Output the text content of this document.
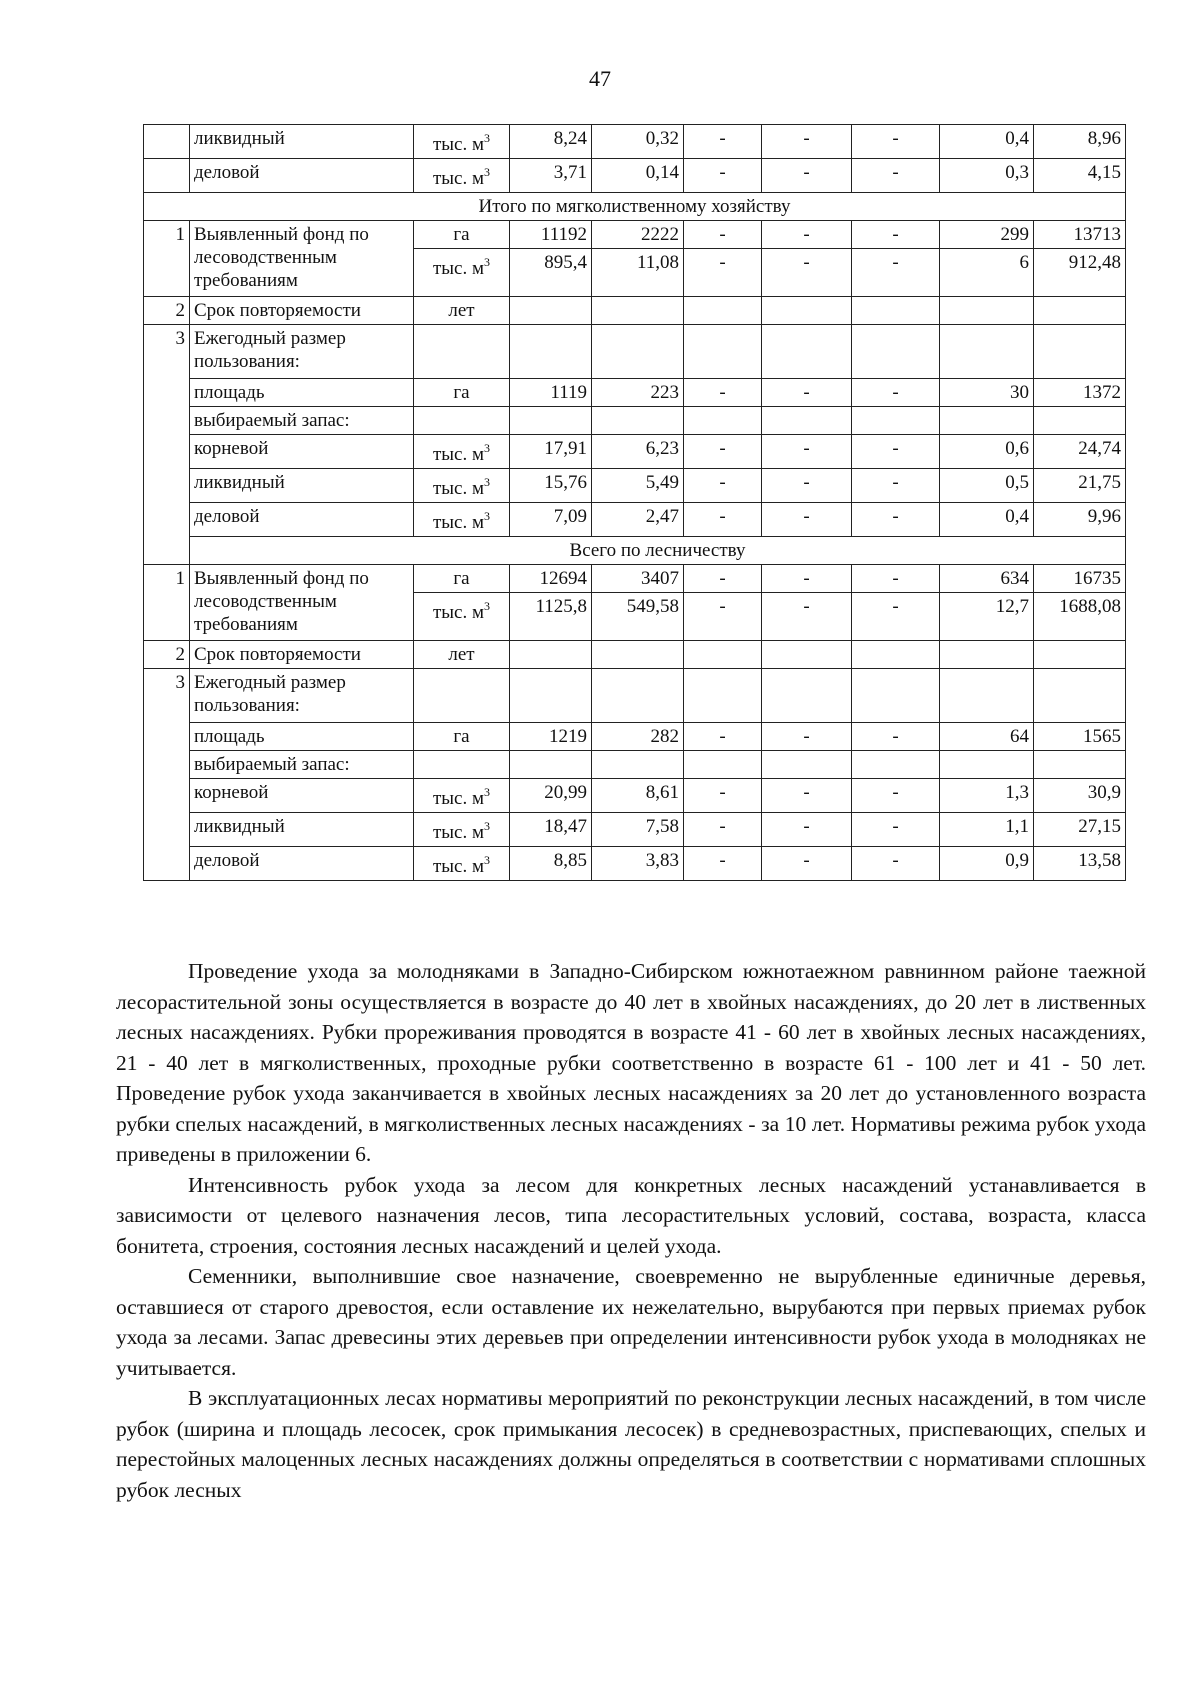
47
	ликвидный	тыс. $м^3$	8,24	0,32	-	-	-	0,4	8,96
	деловой	тыс. $м^3$	3,71	0,14	-	-	-	0,3	4,15
Итого по мягколиственному хозяйству									
1	Выявленный фонд по лесоводственным требованиям	га	11192	2222	-	-	-	299	13713
		тыс. $м^3$	895,4	11,08	-	-	-	6	912,48
2	Срок повторяемости	лет							
3	Ежегодный размер пользования:								
	площадь	га	1119	223	-	-	-	30	1372
	выбираемый запас:								
	корневой	тыс. $м^3$	17,91	6,23	-	-	-	0,6	24,74
	ликвидный	тыс. $м^3$	15,76	5,49	-	-	-	0,5	21,75
	деловой	тыс. $м^3$	7,09	2,47	-	-	-	0,4	9,96
	Всего по лесничеству								
1	Выявленный фонд по лесоводственным требованиям	га	12694	3407	-	-	-	634	16735
		тыс. $м^3$	1125,8	549,58	-	-	-	12,7	1688,08
2	Срок повторяемости	лет							
3	Ежегодный размер пользования:								
	площадь	га	1219	282	-	-	-	64	1565
	выбираемый запас:								
	корневой	тыс. $м^3$	20,99	8,61	-	-	-	1,3	30,9
	ликвидный	тыс. $м^3$	18,47	7,58	-	-	-	1,1	27,15
	деловой	тыс. $м^3$	8,85	3,83	-	-	-	0,9	13,58

Проведение ухода за молодняками в Западно-Сибирском южнотаежном равнинном районе таежной лесорастительной зоны осуществляется в возрасте до 40 лет в хвойных насаждениях, до 20 лет в лиственных лесных насаждениях. Рубки прореживания проводятся в возрасте 41 - 60 лет в хвойных лесных насаждениях, 21 - 40 лет в мягколиственных, проходные рубки соответственно в возрасте 61 - 100 лет и 41 - 50 лет. Проведение рубок ухода заканчивается в хвойных лесных насаждениях за 20 лет до установленного возраста рубки спелых насаждений, в мягколиственных лесных насаждениях - за 10 лет. Нормативы режима рубок ухода приведены в приложении 6.

Интенсивность рубок ухода за лесом для конкретных лесных насаждений устанавливается в зависимости от целевого назначения лесов, типа лесорастительных условий, состава, возраста, класса бонитета, строения, состояния лесных насаждений и целей ухода.

Семенники, выполнившие свое назначение, своевременно не вырубленные единичные деревья, оставшиеся от старого древостоя, если оставление их нежелательно, вырубаются при первых приемах рубок ухода за лесами. Запас древесины этих деревьев при определении интенсивности рубок ухода в молодняках не учитывается.

В эксплуатационных лесах нормативы мероприятий по реконструкции лесных насаждений, в том числе рубок (ширина и площадь лесосек, срок примыкания лесосек) в средневозрастных, приспевающих, спелых и перестойных малоценных лесных насаждениях должны определяться в соответствии с нормативами сплошных рубок лесных
